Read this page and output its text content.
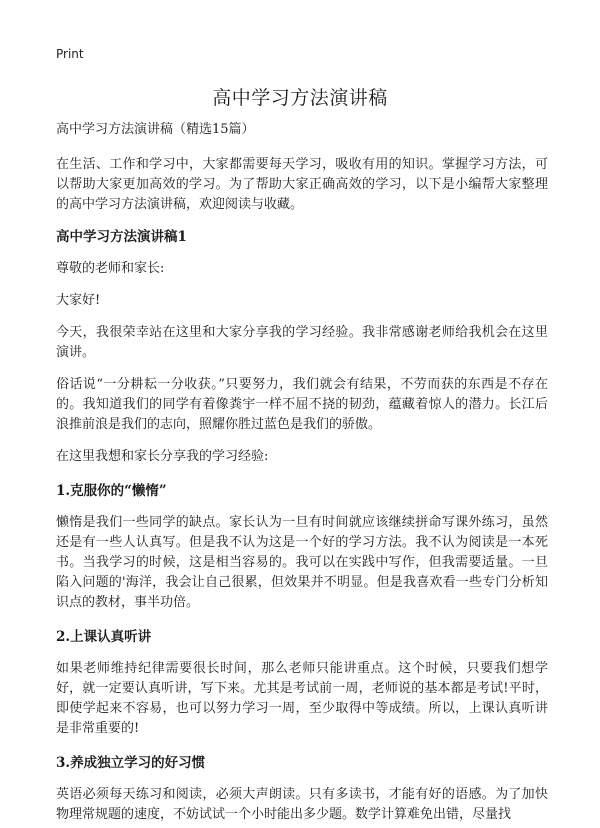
Print
高中学习方法演讲稿
高中学习方法演讲稿（精选15篇）

在生活、工作和学习中，大家都需要每天学习，吸收有用的知识。掌握学习方法，可以帮助大家更加高效的学习。为了帮助大家正确高效的学习，以下是小编帮大家整理的高中学习方法演讲稿，欢迎阅读与收藏。

高中学习方法演讲稿1

尊敬的老师和家长:

大家好!

今天，我很荣幸站在这里和大家分享我的学习经验。我非常感谢老师给我机会在这里演讲。

俗话说“一分耕耘一分收获。”只要努力，我们就会有结果，不劳而获的东西是不存在的。我知道我们的同学有着像粪宇一样不屈不挠的韧劲，蕴藏着惊人的潜力。长江后浪推前浪是我们的志向，照耀你胜过蓝色是我们的骄傲。

在这里我想和家长分享我的学习经验:

1.克服你的“懒惰”

懒惰是我们一些同学的缺点。家长认为一旦有时间就应该继续拼命写课外练习，虽然还是有一些人认真写。但是我不认为这是一个好的学习方法。我不认为阅读是一本死书。当我学习的时候，这是相当容易的。我可以在实践中写作，但我需要适量。一旦陷入问题的'海洋，我会让自己很累，但效果并不明显。但是我喜欢看一些专门分析知识点的教材，事半功倍。

2.上课认真听讲

如果老师维持纪律需要很长时间，那么老师只能讲重点。这个时候，只要我们想学好，就一定要认真听讲，写下来。尤其是考试前一周，老师说的基本都是考试!平时，即使学起来不容易，也可以努力学习一周，至少取得中等成绩。所以，上课认真听讲是非常重要的!

3.养成独立学习的好习惯

英语必须每天练习和阅读，必须大声朗读。只有多读书，才能有好的语感。为了加快物理常规题的速度，不妨试试一个小时能出多少题。数学计算难免出错，尽量找
